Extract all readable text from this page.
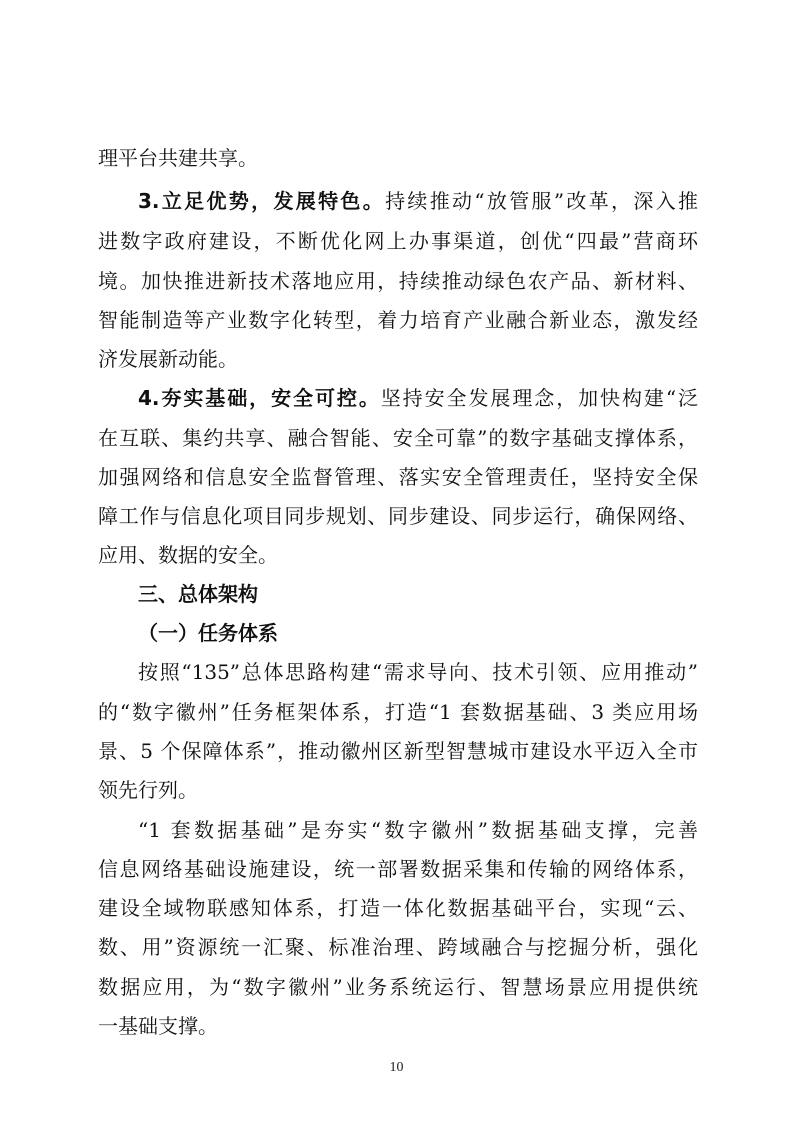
理平台共建共享。
3.立足优势，发展特色。持续推动“放管服”改革，深入推
进数字政府建设，不断优化网上办事渠道，创优“四最”营商环
境。加快推进新技术落地应用，持续推动绿色农产品、新材料、
智能制造等产业数字化转型，着力培育产业融合新业态，激发经
济发展新动能。
4.夯实基础，安全可控。坚持安全发展理念，加快构建“泛
在互联、集约共享、融合智能、安全可靠”的数字基础支撑体系，
加强网络和信息安全监督管理、落实安全管理责任，坚持安全保
障工作与信息化项目同步规划、同步建设、同步运行，确保网络、
应用、数据的安全。
三、总体架构
（一）任务体系
按照“135”总体思路构建“需求导向、技术引领、应用推动”
的“数字徽州”任务框架体系，打造“1 套数据基础、3 类应用场
景、5 个保障体系”，推动徽州区新型智慧城市建设水平迈入全市
领先行列。
“1 套数据基础”是夯实“数字徽州”数据基础支撑，完善
信息网络基础设施建设，统一部署数据采集和传输的网络体系，
建设全域物联感知体系，打造一体化数据基础平台，实现“云、
数、用”资源统一汇聚、标准治理、跨域融合与挖掘分析，强化
数据应用，为“数字徽州”业务系统运行、智慧场景应用提供统
一基础支撑。
10
